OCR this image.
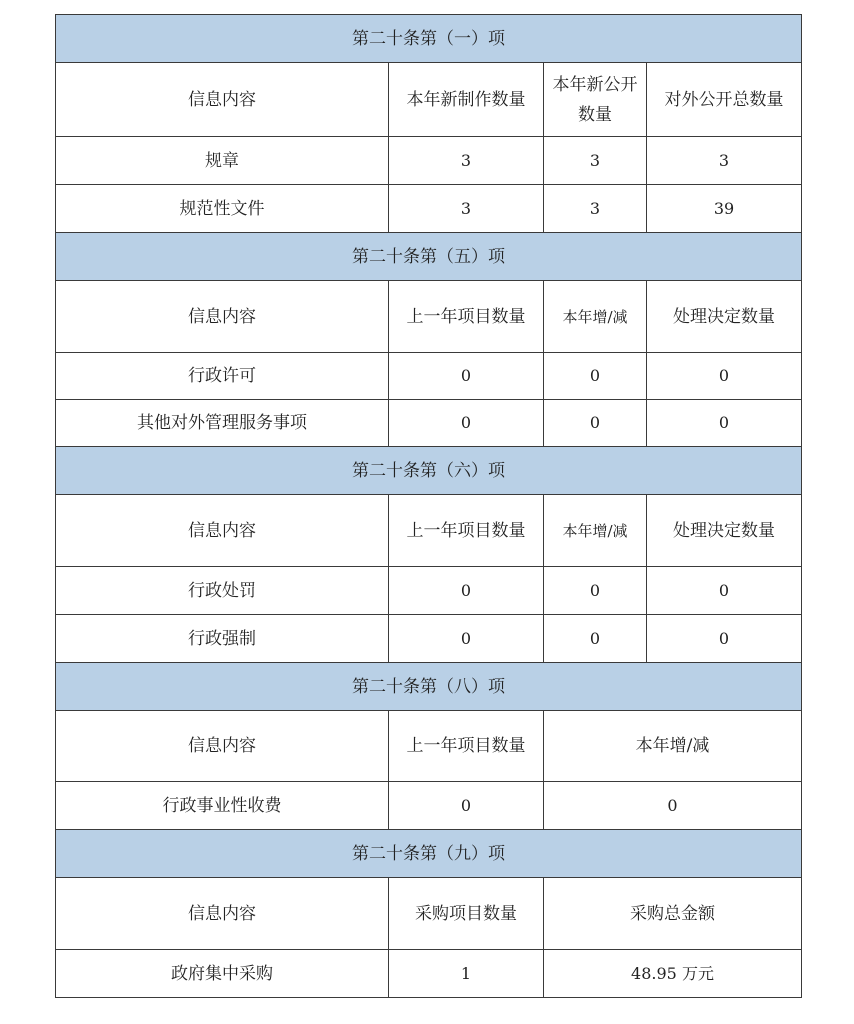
第二十条第（一）项			
信息内容	本年新制作数量	本年新公开数量	对外公开总数量
规章	3	3	3
规范性文件	3	3	39
第二十条第（五）项			
信息内容	上一年项目数量	本年增/减	处理决定数量
行政许可	0	0	0
其他对外管理服务事项	0	0	0
第二十条第（六）项			
信息内容	上一年项目数量	本年增/减	处理决定数量
行政处罚	0	0	0
行政强制	0	0	0
第二十条第（八）项			
信息内容	上一年项目数量	本年增/减	
行政事业性收费	0	0	
第二十条第（九）项			
信息内容	采购项目数量	采购总金额	
政府集中采购	1	48.95 万元	
